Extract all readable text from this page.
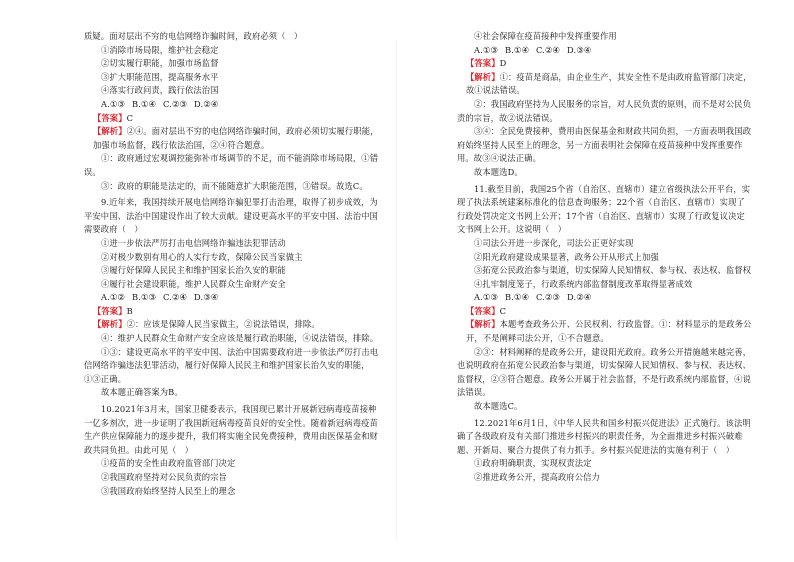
质疑。面对层出不穷的电信网络诈骗时间，政府必须（　）
①消除市场局限，维护社会稳定
②切实履行职能，加强市场监督
③扩大职能范围，提高服务水平
④落实行政问责，践行依法治国
A.①③ B.①④ C.②③ D.②④
【答案】C
【解析】②④。面对层出不穷的电信网络诈骗时间，政府必须切实履行职能，加强市场监督，践行依法治国，②④符合题意。
①：政府通过宏观调控能弥补市场调节的不足，而不能消除市场局限，①错误。
③：政府的职能是法定的，而不能随意扩大职能范围，③错误。故选C。
9.近年来，我国持续开展电信网络诈骗犯罪打击治理，取得了初步成效，为平安中国、法治中国建设作出了较大贡献。建设更高水平的平安中国、法治中国需要政府（　）
①进一步依法严厉打击电信网络诈骗违法犯罪活动
②对极少数别有用心的人实行专政，保障公民当家做主
③履行好保障人民民主和维护国家长治久安的职能
④履行社会建设职能，维护人民群众生命财产安全
A.①② B.①③ C.②④ D.③④
【答案】B
【解析】②：应该是保障人民当家做主，②说法错误，排除。
④：维护人民群众生命财产安全应该是履行政治职能，④说法错误，排除。
①③：建设更高水平的平安中国、法治中国需要政府进一步依法严厉打击电信网络诈骗违法犯罪活动，履行好保障人民民主和维护国家长治久安的职能，①③正确。
故本题正确答案为B。
10.2021年3月末，国家卫健委表示，我国现已累计开展新冠病毒疫苗接种一亿多剂次，进一步证明了我国新冠病毒疫苗良好的安全性。随着新冠病毒疫苗生产供应保障能力的逐步提升，我们将实施全民免费接种，费用由医保基金和财政共同负担。由此可见（　）
①疫苗的安全性由政府监管部门决定
②我国政府坚持对公民负责的宗旨
③我国政府始终坚持人民至上的理念
④社会保障在疫苗接种中发挥重要作用
A.①③ B.①④ C.②④ D.③④
【答案】D
【解析】①：疫苗是商品，由企业生产，其安全性不是由政府监管部门决定，故①说法错误。
②：我国政府坚持为人民服务的宗旨，对人民负责的原则，而不是对公民负责的宗旨，故②说法错误。
③④：全民免费接种，费用由医保基金和财政共同负担，一方面表明我国政府始终坚持人民至上的理念，另一方面表明社会保障在疫苗接种中发挥重要作用。故③④说法正确。
故本题选D。
11.截至目前，我国25个省（自治区、直辖市）建立省级执法公开平台，实现了执法系统建案标准化的信息查询服务；22个省（自治区、直辖市）实现了行政处罚决定文书网上公开；17个省（自治区、直辖市）实现了行政复议决定文书网上公开。这说明（　）
①司法公开进一步深化，司法公正更好实现
②阳光政府建设成果显著，政务公开从形式上加强
③拓宽公民政治参与渠道，切实保障人民知情权、参与权、表达权、监督权
④扎牢制度笼子，行政系统内部监督制度改革取得显著成效
A.①③ B.①④ C.②③ D.②④
【答案】C
【解析】本题考查政务公开、公民权利、行政监督。①：材料显示的是政务公开，不是阐释司法公开，①不合题意。
②③：材料阐释的是政务公开，建设阳光政府。政务公开措施越来越完善，也说明政府在拓宽公民政治参与渠道，切实保障人民知情权、参与权、表达权、监督权，②③符合题意。政务公开属于社会监督，不是行政系统内部监督，④说法错误。
故本题选C。
12.2021年6月1日，《中华人民共和国乡村振兴促进法》正式施行。该法明确了各级政府及有关部门推进乡村振兴的职责任务，为全面推进乡村振兴破难题、开新局、聚合力提供了有力抓手。乡村振兴促进法的实施有利于（　）
①政府明确职责，实现权责法定
②推进政务公开，提高政府公信力
